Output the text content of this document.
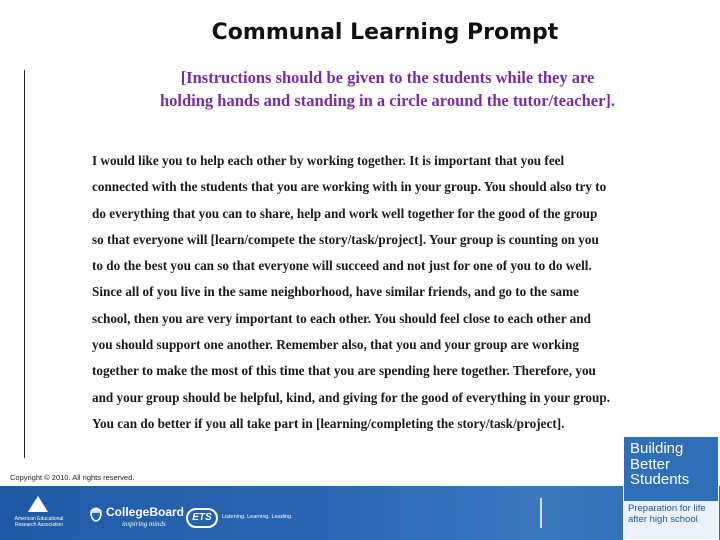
Communal Learning Prompt
[Instructions should be given to the students while they are
holding hands and standing in a circle around the tutor/teacher].
I would like you to help each other by working together. It is important that you feel
connected with the students that you are working with in your group. You should also try to
do everything that you can to share, help and work well together for the good of the group
so that everyone will [learn/compete the story/task/project]. Your group is counting on you
to do the best you can so that everyone will succeed and not just for one of you to do well.
Since all of you live in the same neighborhood, have similar friends, and go to the same
school, then you are very important to each other. You should feel close to each other and
you should support one another. Remember also, that you and your group are working
together to make the most of this time that you are spending here together. Therefore, you
and your group should be helpful, kind, and giving for the good of everything in your group.
You can do better if you all take part in [learning/completing the story/task/project].
Copyright © 2010. All rights reserved.
American Educational
Research Association
CollegeBoard
inspiring minds
ETS	Listening. Learning. Leading.
Building
Better
Students
Preparation for life
after high school
